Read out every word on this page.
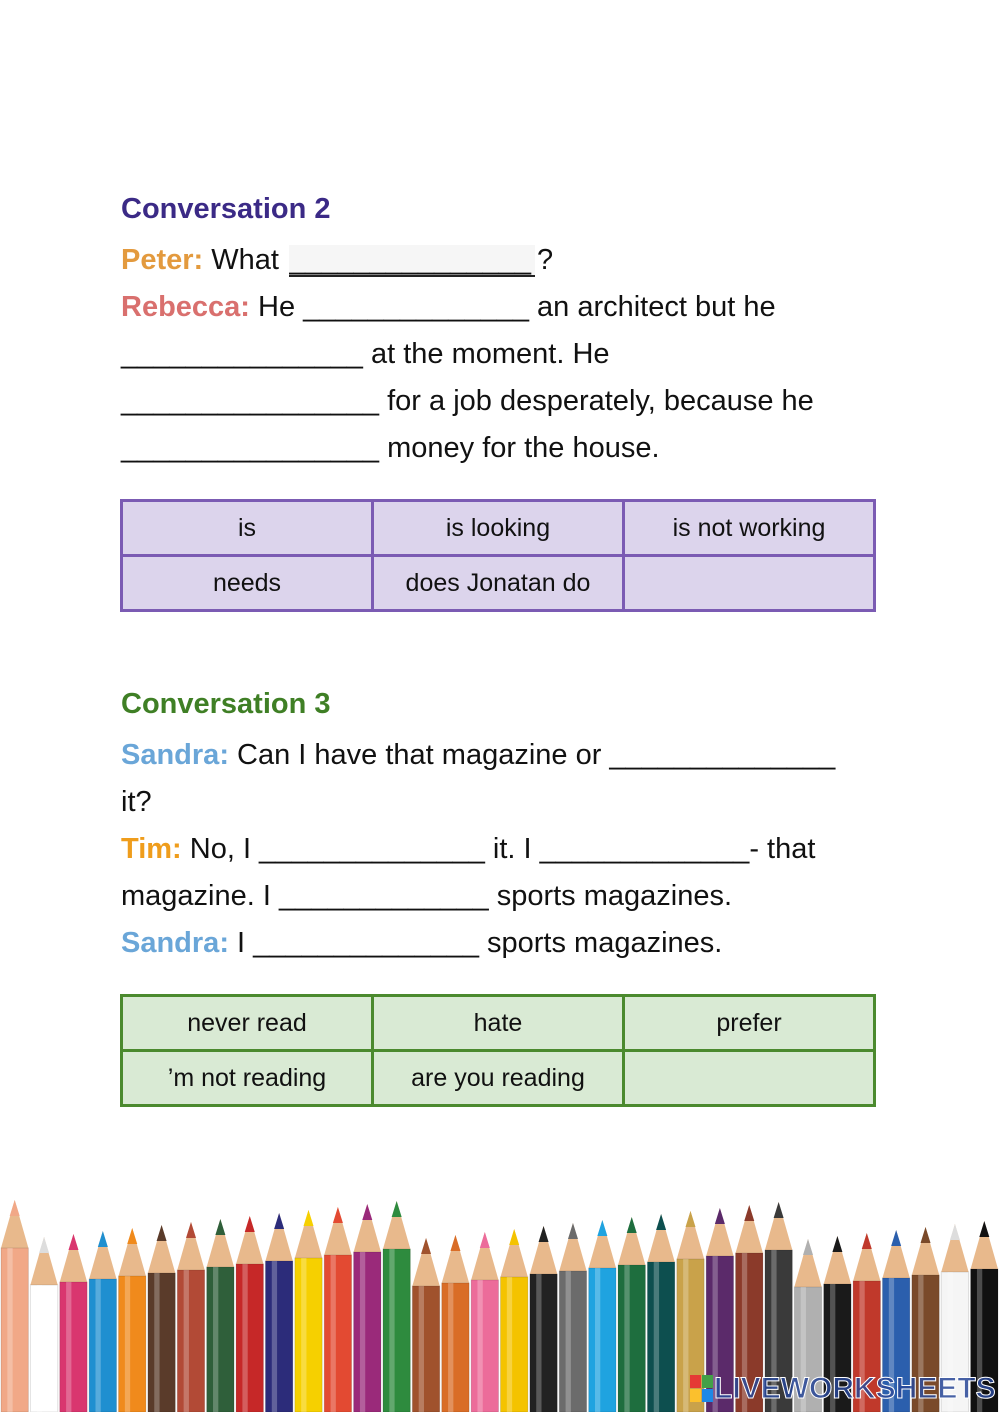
Conversation 2
Peter: What _______________	?
Rebecca: He ______________ an architect but he
_______________ at the moment. He
________________ for a job desperately, because he
________________ money for the house.
is	is looking	is not working
needs	does Jonatan do	
Conversation 3
Sandra: Can I have that magazine or ______________
it?
Tim: No, I ______________ it. I _____________- that
magazine. I _____________ sports magazines.
Sandra: I ______________ sports magazines.
never read	hate	prefer
’m not reading	are you reading	
LIVEWORKSHEETS
